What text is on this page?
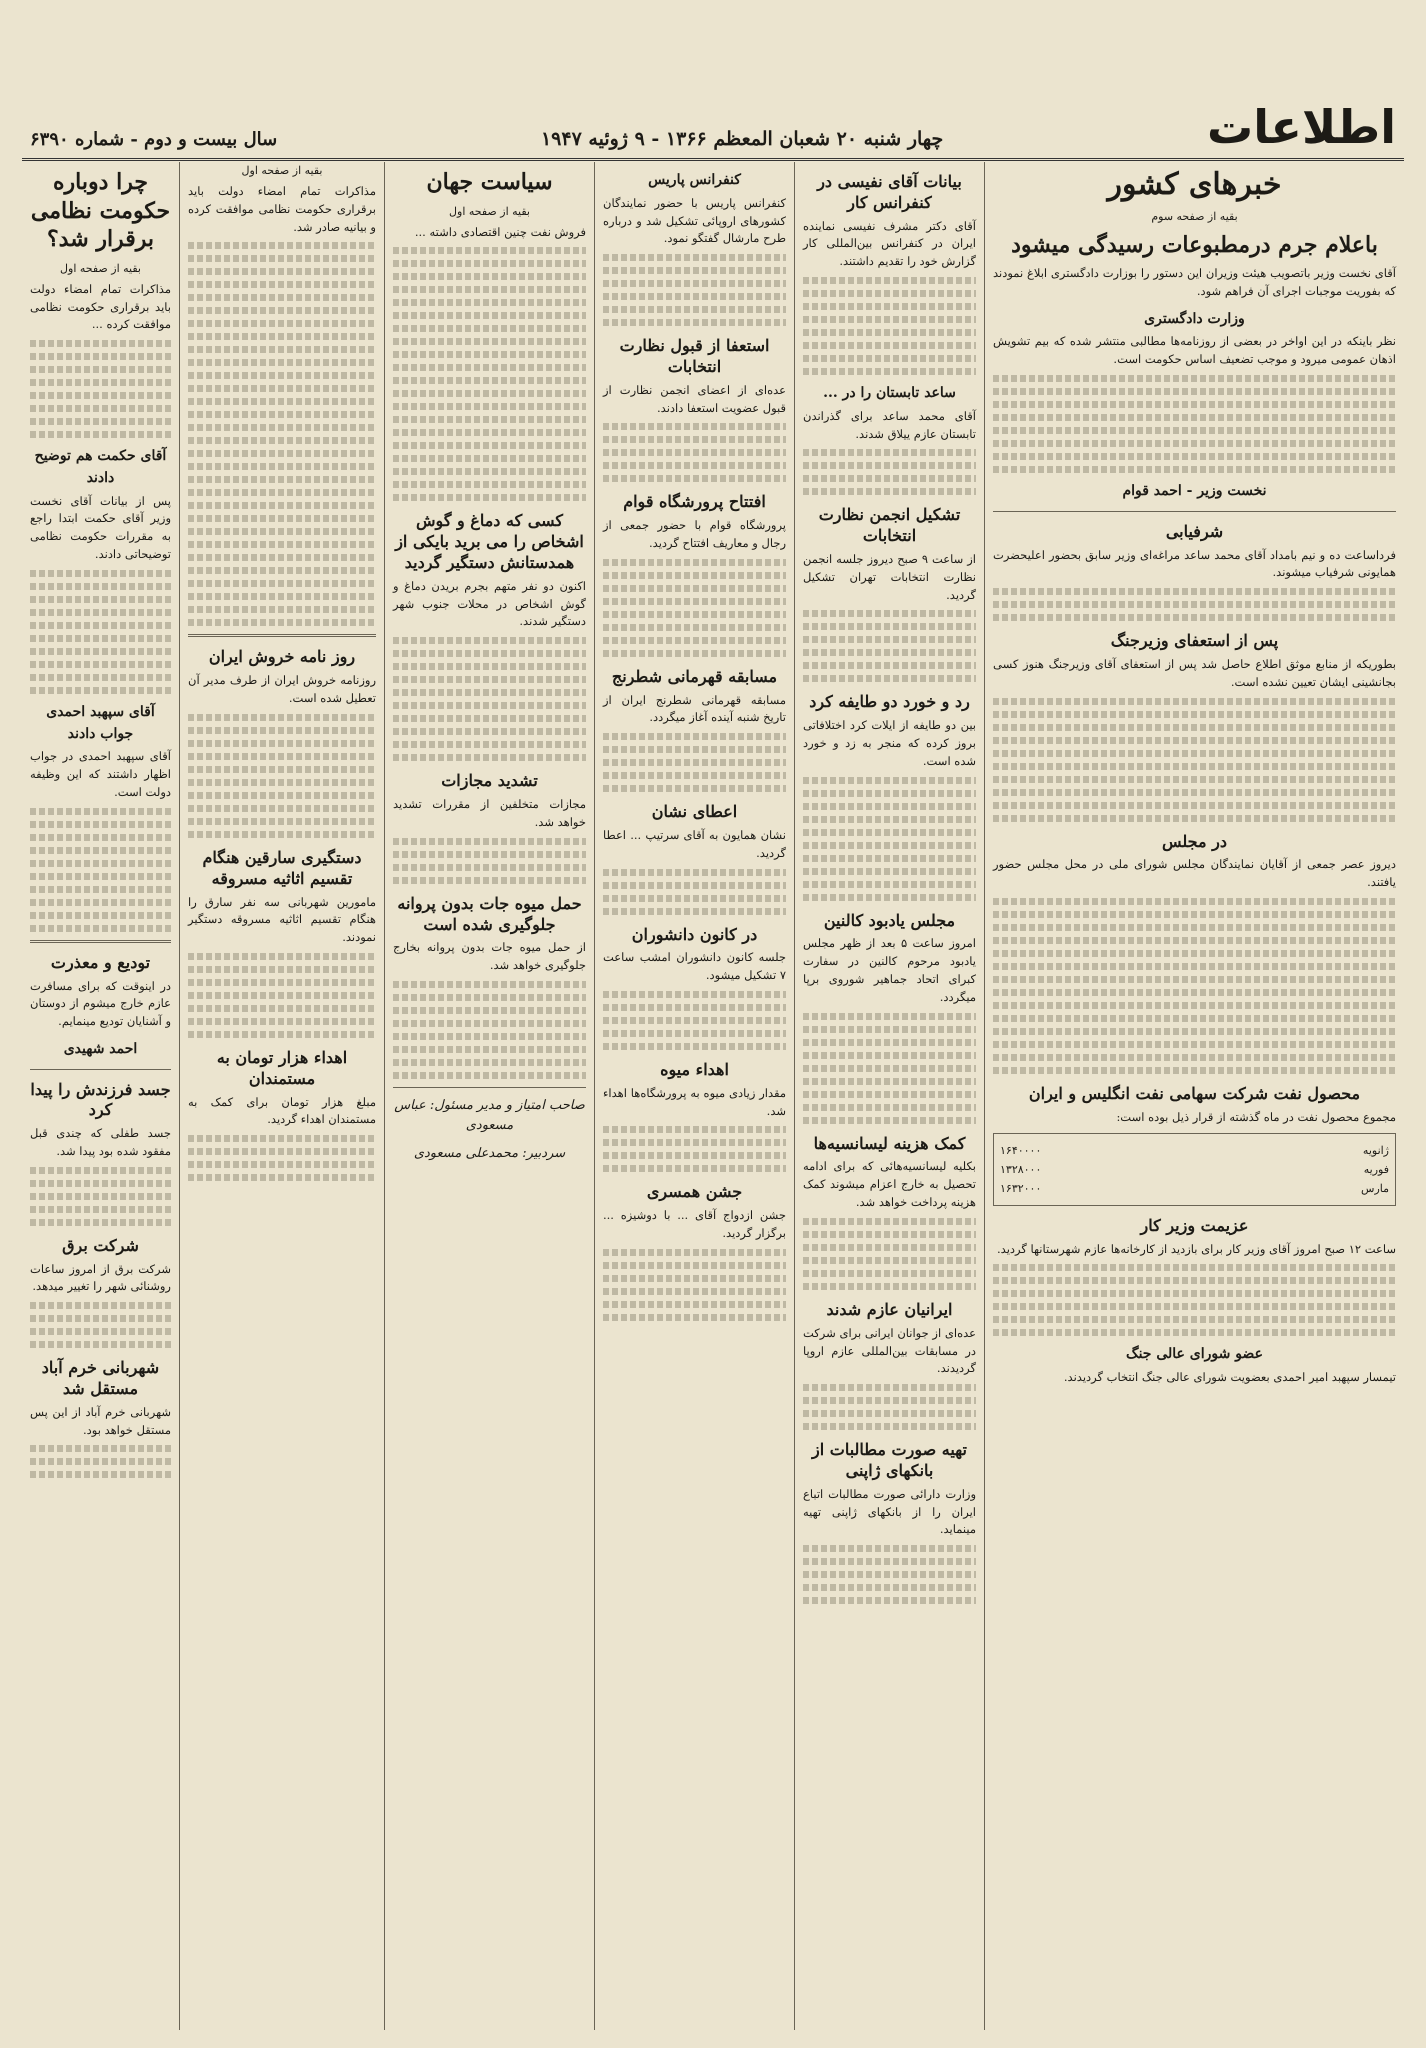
اطلاعات
چهار شنبه ۲۰ شعبان المعظم ۱۳۶۶ - ۹ ژوئیه ۱۹۴۷
سال بیست و دوم - شماره ۶۳۹۰
خبرهای کشور
بقیه از صفحه سوم
باعلام جرم درمطبوعات رسیدگی میشود

آقای نخست وزیر باتصویب هیئت وزیران این دستور را بوزارت دادگستری ابلاغ نمودند که بفوریت موجبات اجرای آن فراهم شود.

وزارت دادگستری

نظر باینکه در این اواخر در بعضی از روزنامه‌ها مطالبی منتشر شده که بیم تشویش اذهان عمومی میرود و موجب تضعیف اساس حکومت است.

نخست وزیر - احمد قوام
شرفیابی

فرداساعت ده و نیم بامداد آقای محمد ساعد مراغه‌ای وزیر سابق بحضور اعلیحضرت همایونی شرفیاب میشوند.

پس از استعفای وزیرجنگ

بطوریکه از منابع موثق اطلاع حاصل شد پس از استعفای آقای وزیرجنگ هنوز کسی بجانشینی ایشان تعیین نشده است.

در مجلس

دیروز عصر جمعی از آقایان نمایندگان مجلس شورای ملی در محل مجلس حضور یافتند.

محصول نفت شرکت سهامی نفت انگلیس و ایران

مجموع محصول نفت در ماه گذشته از قرار ذیل بوده است:

ژانویه
۱۶۴۰۰۰۰
فوریه
۱۳۲۸۰۰۰
مارس
۱۶۳۲۰۰۰
عزیمت وزیر کار

ساعت ۱۲ صبح امروز آقای وزیر کار برای بازدید از کارخانه‌ها عازم شهرستانها گردید.

عضو شورای عالی جنگ

تیمسار سپهبد امیر احمدی بعضویت شورای عالی جنگ انتخاب گردیدند.

بیانات آقای نفیسی در کنفرانس کار

آقای دکتر مشرف نفیسی نماینده ایران در کنفرانس بین‌المللی کار گزارش خود را تقدیم داشتند.

ساعد تابستان را در ...

آقای محمد ساعد برای گذراندن تابستان عازم ییلاق شدند.

تشکیل انجمن نظارت انتخابات

از ساعت ۹ صبح دیروز جلسه انجمن نظارت انتخابات تهران تشکیل گردید.

رد و خورد دو طایفه کرد

بین دو طایفه از ایلات کرد اختلافاتی بروز کرده که منجر به زد و خورد شده است.

مجلس یادبود کالنین

امروز ساعت ۵ بعد از ظهر مجلس یادبود مرحوم کالنین در سفارت کبرای اتحاد جماهیر شوروی برپا میگردد.

کمک هزینه لیسانسیه‌ها

بکلیه لیسانسیه‌هائی که برای ادامه تحصیل به خارج اعزام میشوند کمک هزینه پرداخت خواهد شد.

ایرانیان عازم شدند

عده‌ای از جوانان ایرانی برای شرکت در مسابقات بین‌المللی عازم اروپا گردیدند.

تهیه صورت مطالبات از بانکهای ژاپنی

وزارت دارائی صورت مطالبات اتباع ایران را از بانکهای ژاپنی تهیه مینماید.

کنفرانس پاریس

کنفرانس پاریس با حضور نمایندگان کشورهای اروپائی تشکیل شد و درباره طرح مارشال گفتگو نمود.

استعفا از قبول نظارت انتخابات

عده‌ای از اعضای انجمن نظارت از قبول عضویت استعفا دادند.

افتتاح پرورشگاه قوام

پرورشگاه قوام با حضور جمعی از رجال و معاریف افتتاح گردید.

مسابقه قهرمانی شطرنج

مسابقه قهرمانی شطرنج ایران از تاریخ شنبه آینده آغاز میگردد.

اعطای نشان

نشان همایون به آقای سرتیپ ... اعطا گردید.

در کانون دانشوران

جلسه کانون دانشوران امشب ساعت ۷ تشکیل میشود.

اهداء میوه

مقدار زیادی میوه به پرورشگاه‌ها اهداء شد.

جشن همسری

جشن ازدواج آقای ... با دوشیزه ... برگزار گردید.

سیاست جهان
بقیه از صفحه اول

فروش نفت چنین اقتصادی داشته ...

کسی که دماغ و گوش اشخاص را می برید بایکی از همدستانش دستگیر گردید

اکنون دو نفر متهم بجرم بریدن دماغ و گوش اشخاص در محلات جنوب شهر دستگیر شدند.

تشدید مجازات

مجازات متخلفین از مقررات تشدید خواهد شد.

حمل میوه جات بدون پروانه جلوگیری شده است

از حمل میوه جات بدون پروانه بخارج جلوگیری خواهد شد.

صاحب امتیاز و مدیر مسئول: عباس مسعودی
سردبیر: محمدعلی مسعودی
بقیه از صفحه اول

مذاکرات تمام امضاء دولت باید برقراری حکومت نظامی موافقت کرده و بیانیه صادر شد.

روز نامه خروش ایران

روزنامه خروش ایران از طرف مدیر آن تعطیل شده است.

دستگیری سارقین هنگام تقسیم اثاثیه مسروقه

مامورین شهربانی سه نفر سارق را هنگام تقسیم اثاثیه مسروقه دستگیر نمودند.

اهداء هزار تومان به مستمندان

مبلغ هزار تومان برای کمک به مستمندان اهداء گردید.

چرا دوباره حکومت نظامی برقرار شد؟
بقیه از صفحه اول

مذاکرات تمام امضاء دولت باید برقراری حکومت نظامی موافقت کرده ...

آقای حکمت هم توضیح دادند

پس از بیانات آقای نخست وزیر آقای حکمت ابتدا راجع به مقررات حکومت نظامی توضیحاتی دادند.

آقای سپهبد احمدی جواب دادند

آقای سپهبد احمدی در جواب اظهار داشتند که این وظیفه دولت است.

تودیع و معذرت

در اینوقت که برای مسافرت عازم خارج میشوم از دوستان و آشنایان تودیع مینمایم.

احمد شهیدی
جسد فرزندش را پیدا کرد

جسد طفلی که چندی قبل مفقود شده بود پیدا شد.

شرکت برق

شرکت برق از امروز ساعات روشنائی شهر را تغییر میدهد.

شهربانی خرم آباد مستقل شد

شهربانی خرم آباد از این پس مستقل خواهد بود.
